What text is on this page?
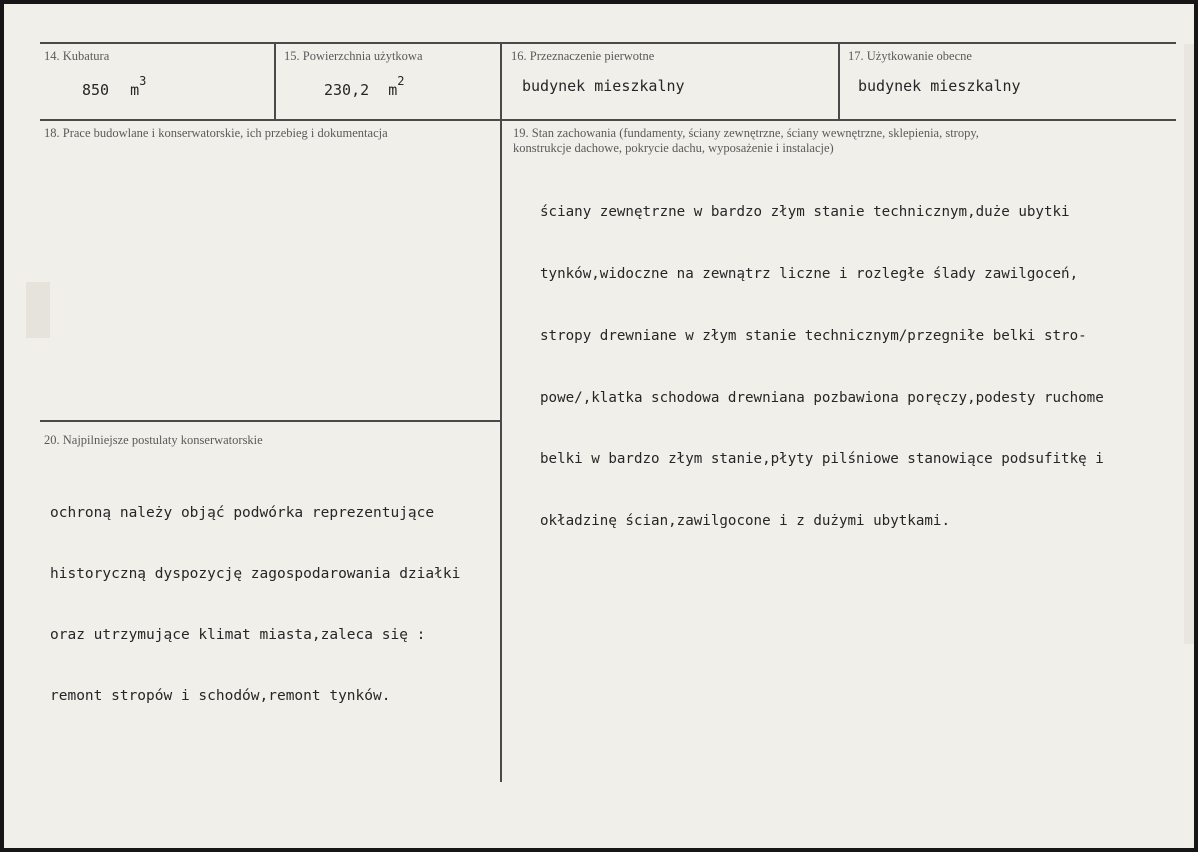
14. Kubatura
850 $m^3$
15. Powierzchnia użytkowa
230,2 $m^2$
16. Przeznaczenie pierwotne
budynek mieszkalny
17. Użytkowanie obecne
budynek mieszkalny
18. Prace budowlane i konserwatorskie, ich przebieg i dokumentacja	19. Stan zachowania (fundamenty, ściany zewnętrzne, ściany wewnętrzne, sklepienia, stropy,
konstrukcje dachowe, pokrycie dachu, wyposażenie i instalacje)

ściany zewnętrzne w bardzo złym stanie technicznym,duże ubytki

tynków,widoczne na zewnątrz liczne i rozległe ślady zawilgoceń,

stropy drewniane w złym stanie technicznym/przegniłe belki stro-

powe/,klatka schodowa drewniana pozbawiona poręczy,podesty ruchome

belki w bardzo złym stanie,płyty pilśniowe stanowiące podsufitkę i

okładzinę ścian,zawilgocone i z dużymi ubytkami.

20. Najpilniejsze postulaty konserwatorskie

ochroną należy objąć podwórka reprezentujące

historyczną dyspozycję zagospodarowania działki

oraz utrzymujące klimat miasta,zaleca się :

remont stropów i schodów,remont tynków.
